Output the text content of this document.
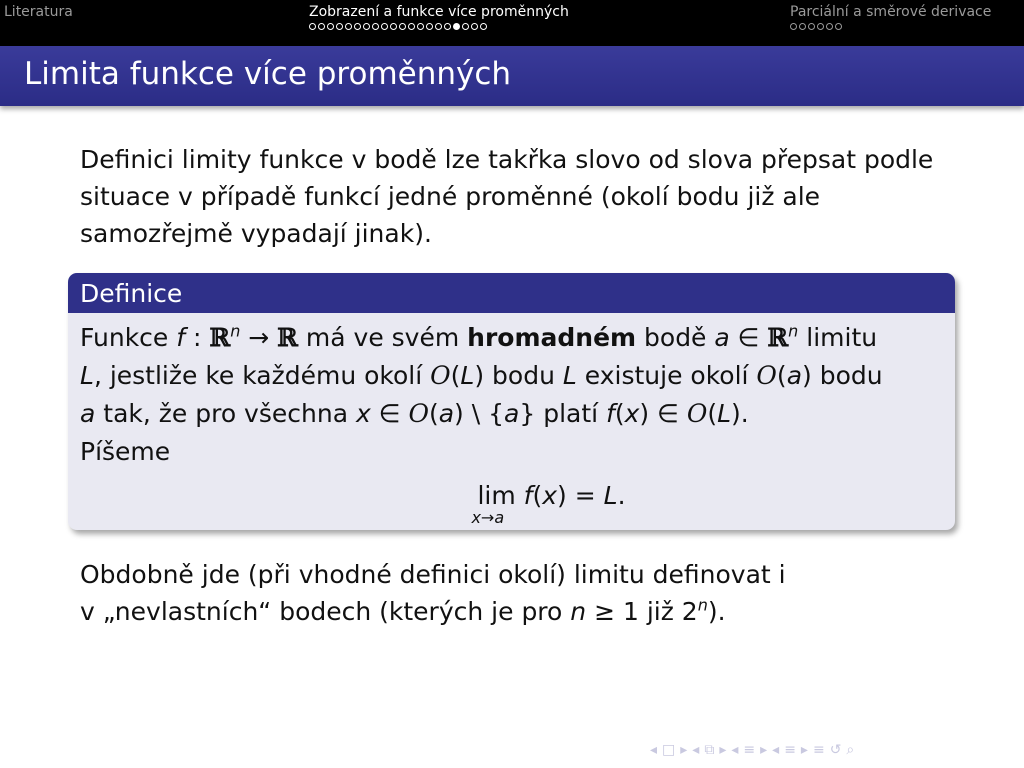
Literatura	Zobrazení a funkce více proměnných	Parciální a směrové derivace
Limita funkce více proměnných

Definici limity funkce v bodě lze takřka slovo od slova přepsat podle situace v případě funkcí jedné proměnné (okolí bodu již ale samozřejmě vypadají jinak).

Definice

Funkce f : ℝ$^n$ → ℝ má ve svém hromadném bodě a ∈ ℝ$^n$ limitu
L, jestliže ke každému okolí O(L) bodu L existuje okolí O(a) bodu
a tak, že pro všechna x ∈ O(a) \ {a} platí f(x) ∈ O(L).
Píšeme

lim
x→a
f(x) = L.

Obdobně jde (při vhodné definici okolí) limitu definovat i
v „nevlastních“ bodech (kterých je pro n ≥ 1 již 2$^n$).

◂ □ ▸ ◂ ⧉ ▸ ◂ ≡ ▸ ◂ ≡ ▸ ≡ ↺ ⌕
